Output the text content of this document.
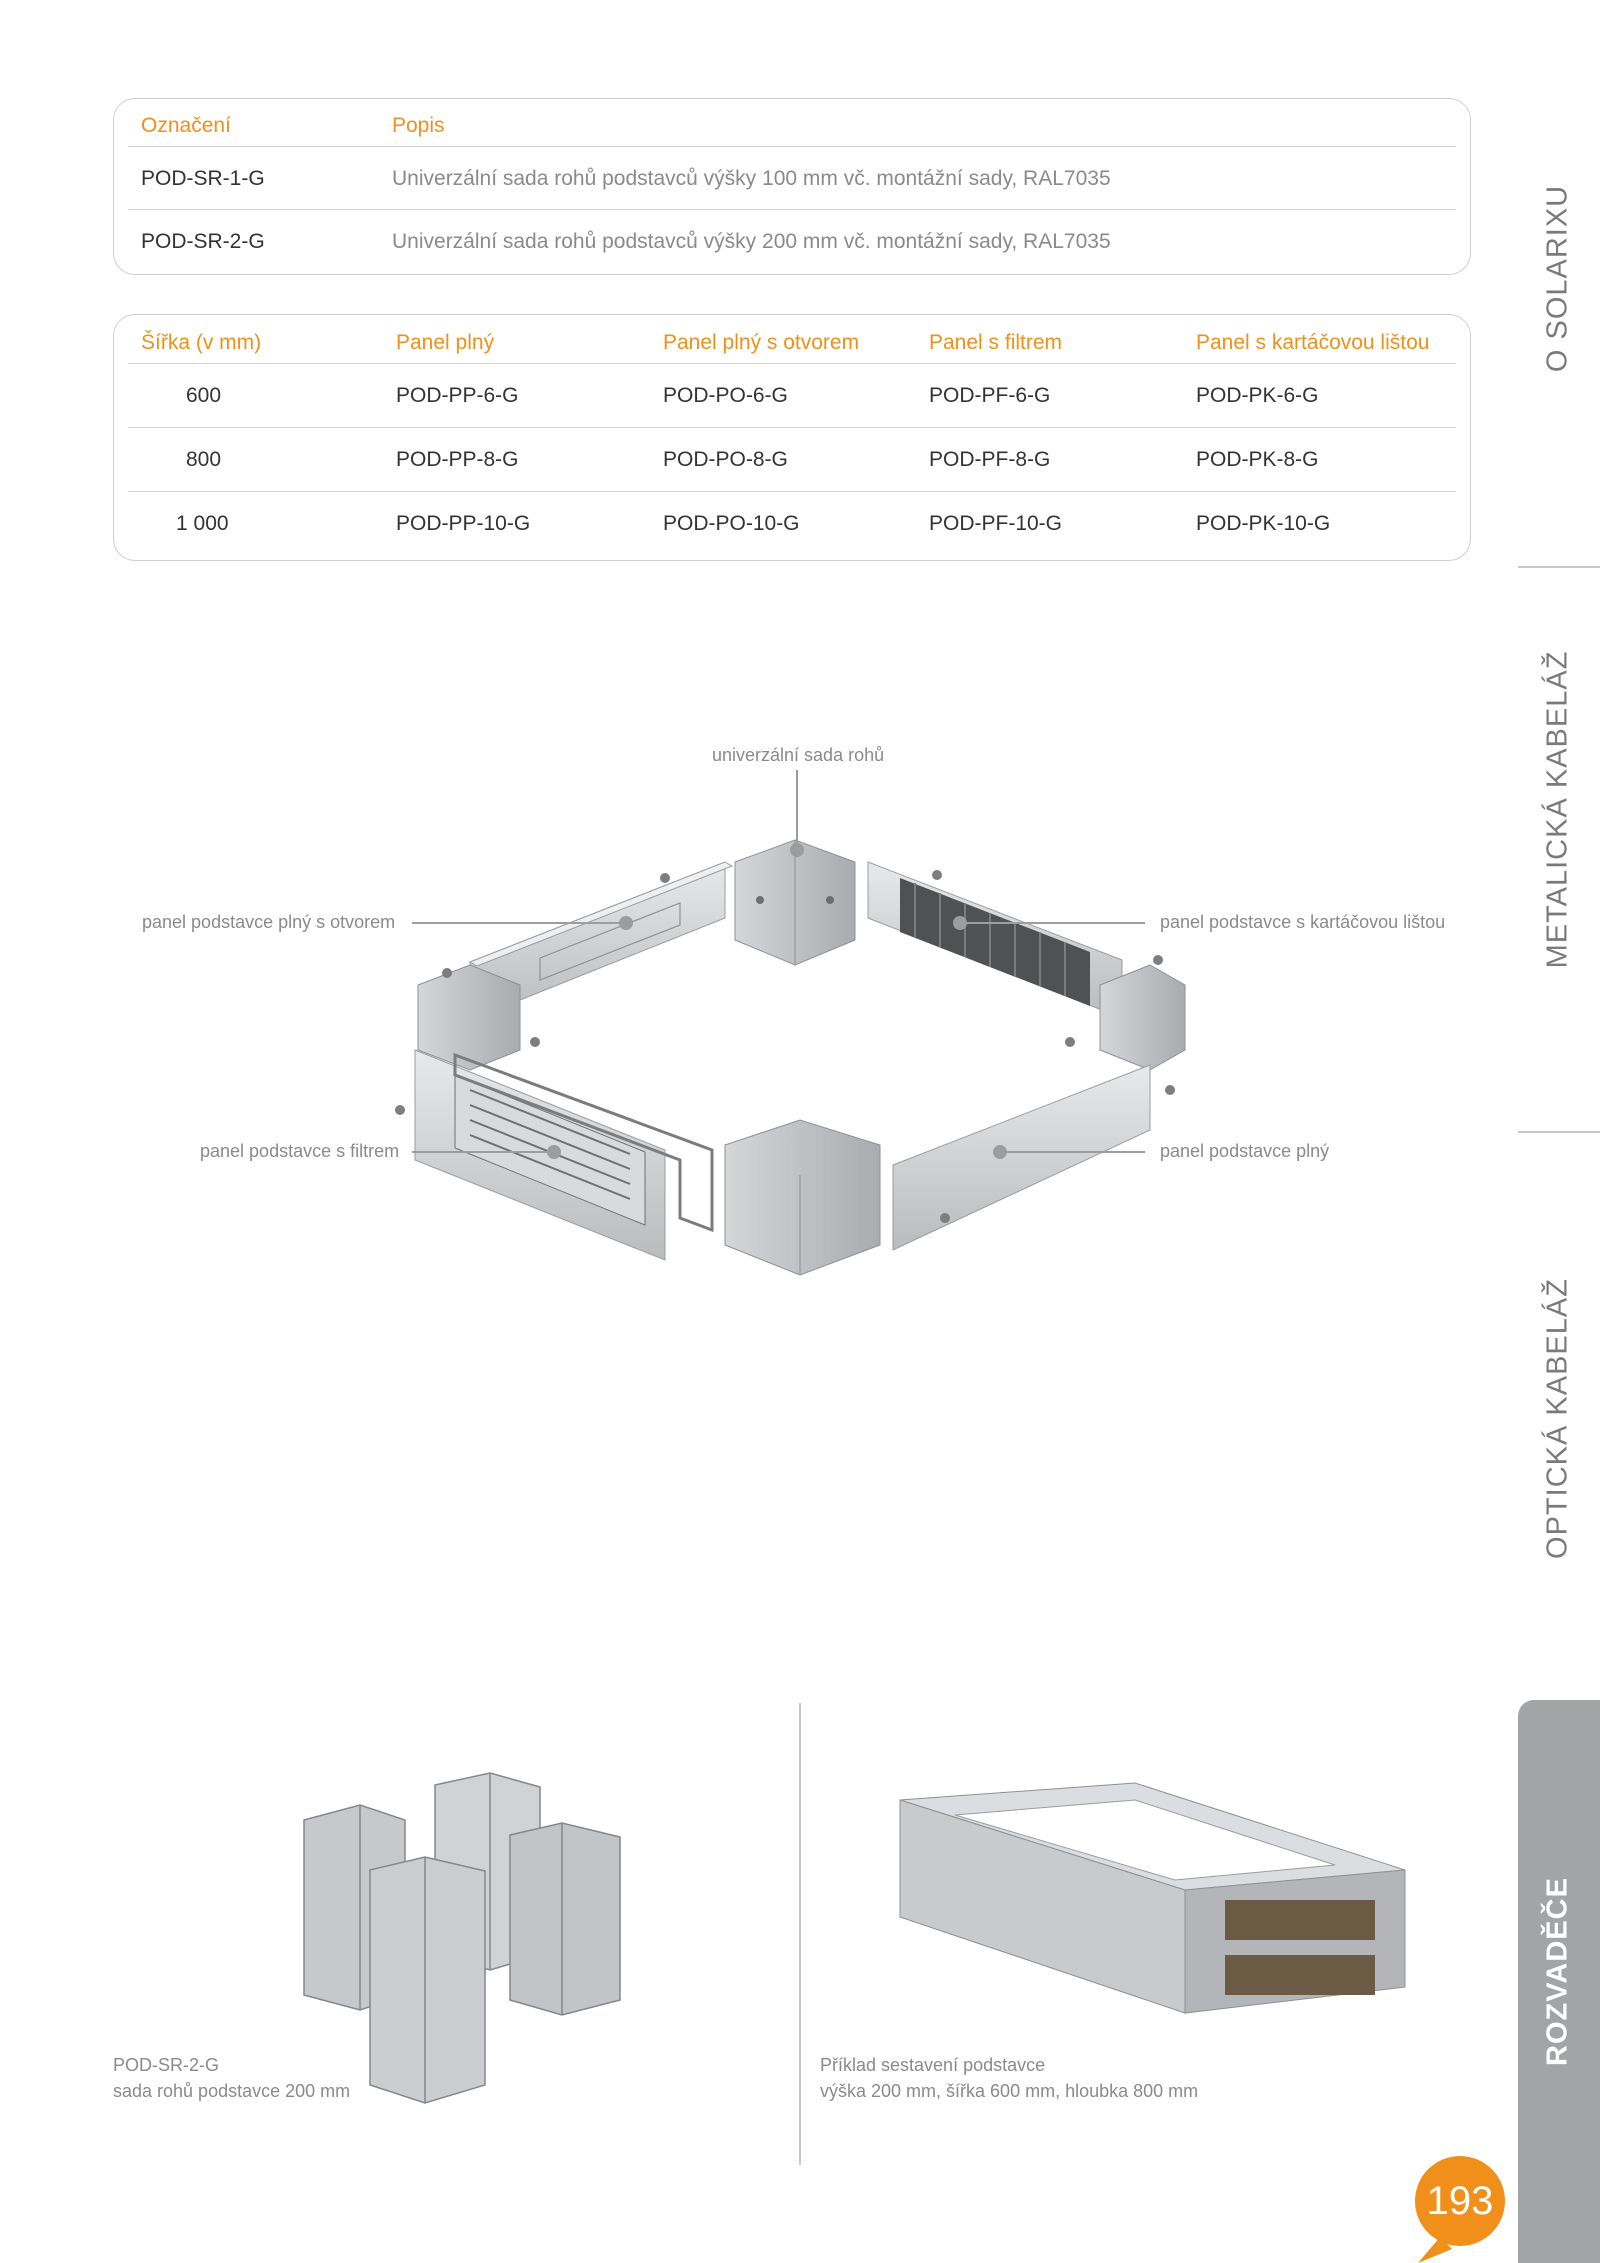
Označení	Popis
POD-SR-1-G	Univerzální sada rohů podstavců výšky 100 mm vč. montážní sady, RAL7035
POD-SR-2-G	Univerzální sada rohů podstavců výšky 200 mm vč. montážní sady, RAL7035
Šířka (v mm)	Panel plný	Panel plný s otvorem	Panel s filtrem	Panel s kartáčovou lištou
600	POD-PP-6-G	POD-PO-6-G	POD-PF-6-G	POD-PK-6-G
800	POD-PP-8-G	POD-PO-8-G	POD-PF-8-G	POD-PK-8-G
1 000	POD-PP-10-G	POD-PO-10-G	POD-PF-10-G	POD-PK-10-G
univerzální sada rohů
panel podstavce plný s otvorem	panel podstavce s kartáčovou lištou
panel podstavce s filtrem	panel podstavce plný
POD-SR-2-G
sada rohů podstavce 200 mm
Příklad sestavení podstavce
výška 200 mm, šířka 600 mm, hloubka 800 mm
O SOLARIXU
METALICKÁ KABELÁŽ
OPTICKÁ KABELÁŽ
ROZVADĚČE
193
